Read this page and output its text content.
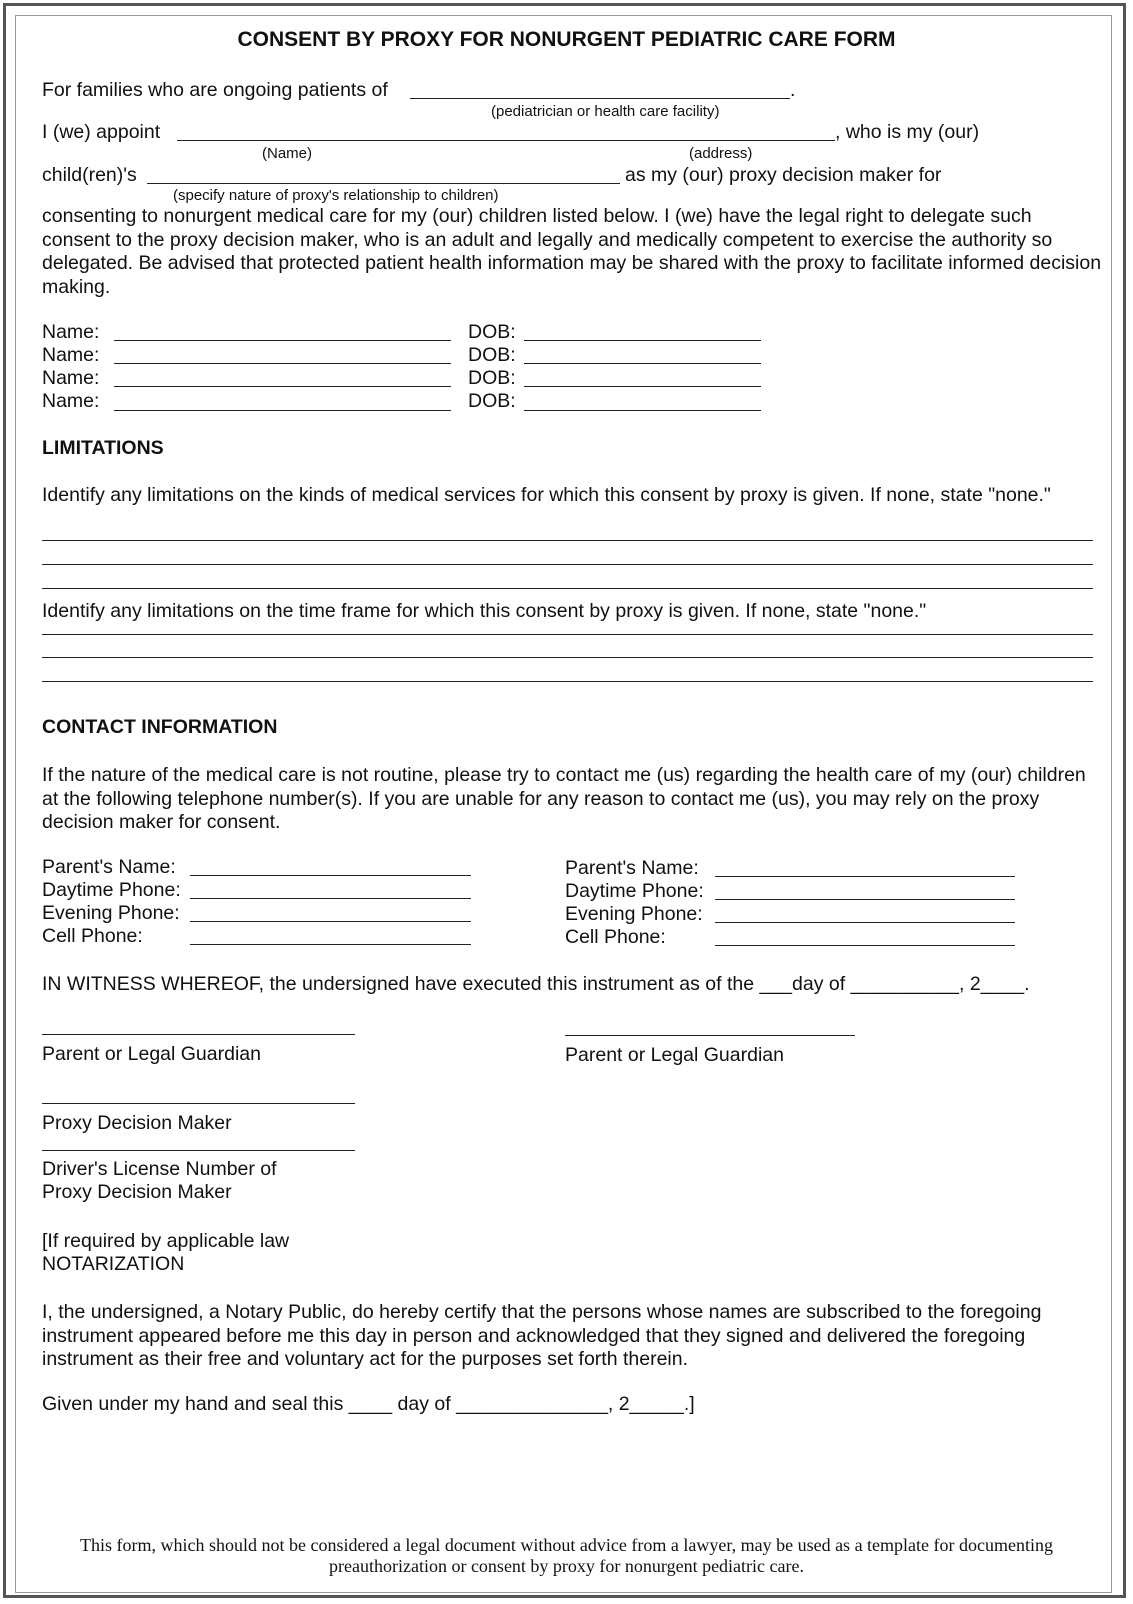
CONSENT BY PROXY FOR NONURGENT PEDIATRIC CARE FORM
For families who are ongoing patients of	.
(pediatrician or health care facility)
I (we) appoint	, who is my (our)
(Name)	(address)
child(ren)'s	as my (our) proxy decision maker for
(specify nature of proxy's relationship to children)
consenting to nonurgent medical care for my (our) children listed below. I (we) have the legal right to delegate such consent to the proxy decision maker, who is an adult and legally and medically competent to exercise the authority so delegated. Be advised that protected patient health information may be shared with the proxy to facilitate informed decision making.
Name:	DOB:
Name:	DOB:
Name:	DOB:
Name:	DOB:
LIMITATIONS
Identify any limitations on the kinds of medical services for which this consent by proxy is given. If none, state "none."
Identify any limitations on the time frame for which this consent by proxy is given. If none, state "none."
CONTACT INFORMATION
If the nature of the medical care is not routine, please try to contact me (us) regarding the health care of my (our) children at the following telephone number(s). If you are unable for any reason to contact me (us), you may rely on the proxy decision maker for consent.
Parent's Name:
Daytime Phone:
Evening Phone:
Cell Phone:
Parent's Name:
Daytime Phone:
Evening Phone:
Cell Phone:
IN WITNESS WHEREOF, the undersigned have executed this instrument as of the ___day of __________, 2____.
Parent or Legal Guardian	Parent or Legal Guardian
Proxy Decision Maker
Driver's License Number of
Proxy Decision Maker
[If required by applicable law
NOTARIZATION
I, the undersigned, a Notary Public, do hereby certify that the persons whose names are subscribed to the foregoing instrument appeared before me this day in person and acknowledged that they signed and delivered the foregoing instrument as their free and voluntary act for the purposes set forth therein.
Given under my hand and seal this ____ day of ______________, 2_____.]
This form, which should not be considered a legal document without advice from a lawyer, may be used as a template for documenting preauthorization or consent by proxy for nonurgent pediatric care.
